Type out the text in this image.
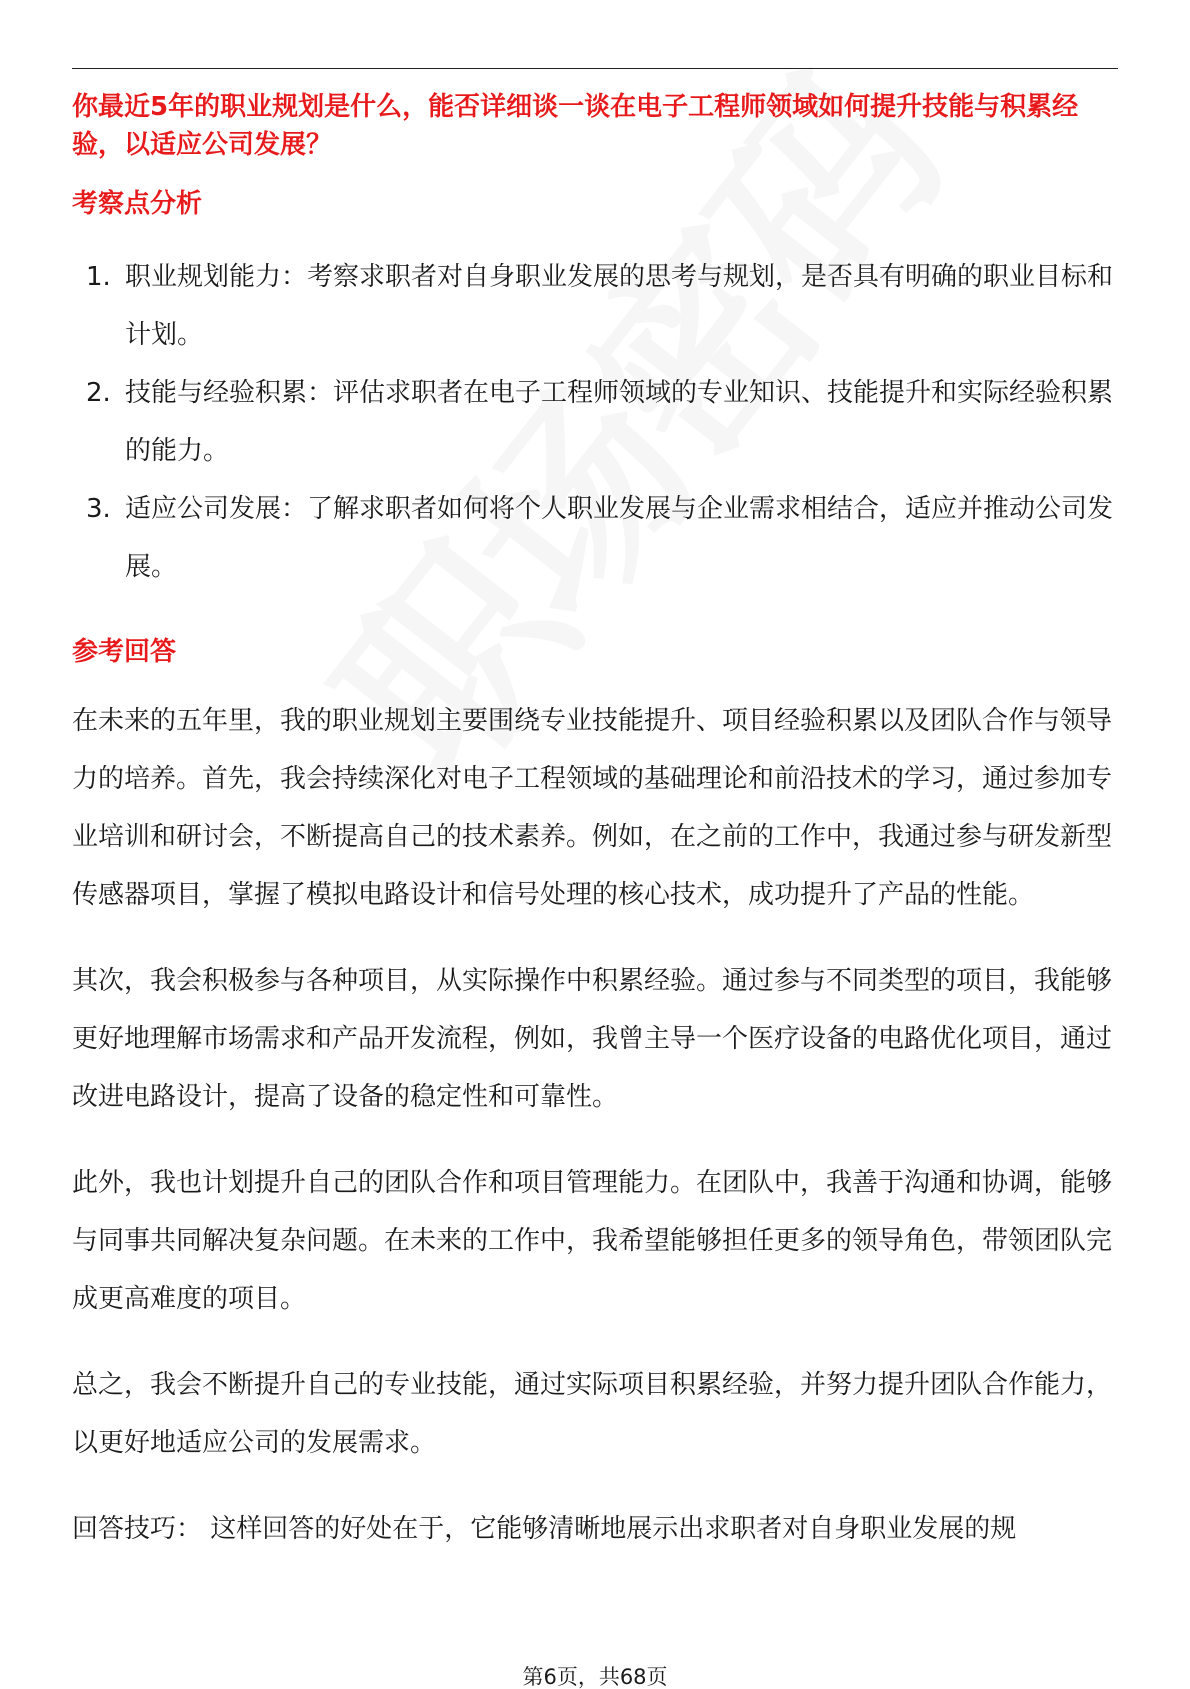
你最近5年的职业规划是什么，能否详细谈一谈在电子工程师领域如何提升技能与积累经验，以适应公司发展？

考察点分析

1. 职业规划能力：考察求职者对自身职业发展的思考与规划，是否具有明确的职业目标和计划。
2. 技能与经验积累：评估求职者在电子工程师领域的专业知识、技能提升和实际经验积累的能力。
3. 适应公司发展：了解求职者如何将个人职业发展与企业需求相结合，适应并推动公司发展。

参考回答

在未来的五年里，我的职业规划主要围绕专业技能提升、项目经验积累以及团队合作与领导力的培养。首先，我会持续深化对电子工程领域的基础理论和前沿技术的学习，通过参加专业培训和研讨会，不断提高自己的技术素养。例如，在之前的工作中，我通过参与研发新型传感器项目，掌握了模拟电路设计和信号处理的核心技术，成功提升了产品的性能。

其次，我会积极参与各种项目，从实际操作中积累经验。通过参与不同类型的项目，我能够更好地理解市场需求和产品开发流程，例如，我曾主导一个医疗设备的电路优化项目，通过改进电路设计，提高了设备的稳定性和可靠性。

此外，我也计划提升自己的团队合作和项目管理能力。在团队中，我善于沟通和协调，能够与同事共同解决复杂问题。在未来的工作中，我希望能够担任更多的领导角色，带领团队完成更高难度的项目。

总之，我会不断提升自己的专业技能，通过实际项目积累经验，并努力提升团队合作能力，以更好地适应公司的发展需求。

回答技巧： 这样回答的好处在于，它能够清晰地展示出求职者对自身职业发展的规

第6页，共68页
